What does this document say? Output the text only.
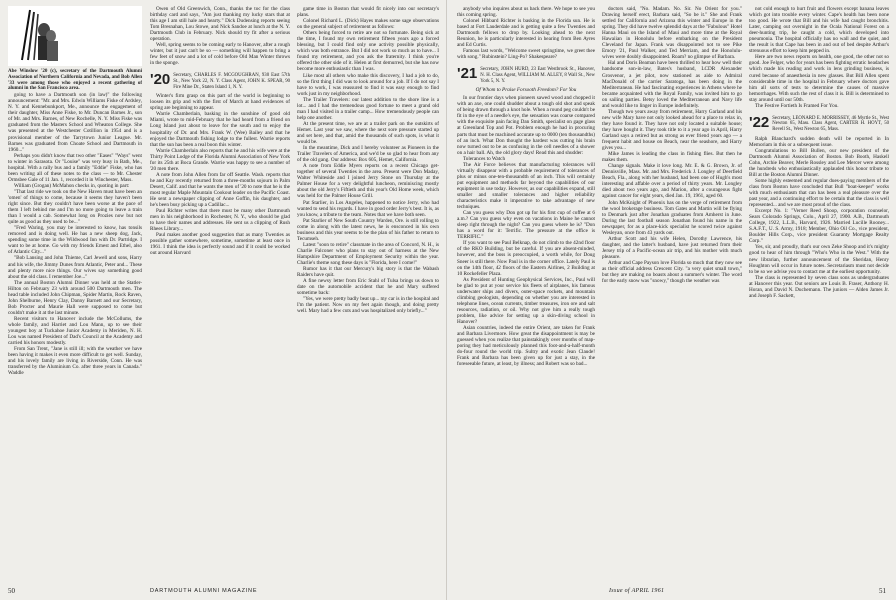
Abe Winslow '20 (c), secretary of the Dartmouth Alumni Association of Northern California and Nevada, and Bob Allen '33 were among those who enjoyed a recent gathering of alumni in the San Francisco area.

going to have a Dartmouth son (in law)" the following announcement: "Mr. and Mrs. Edwin Williams Fiske of Ardsley, N. Y. and Kennebunkport, Me., announce the engagement of their daughter, Miss Anne Fiske, to Mr. Duncan Barnes Jr., son of Mr. and Mrs. Barnes, of New Rochelle, N. Y. Miss Fiske was graduated from the Masters School and Wheaton College. She was presented at the Westchester Cotillion in 1954 and is a provisional member of the Tarrytown Junior League. Mr. Barnes was graduated from Choate School and Dartmouth in 1960..."

Perhaps you didn't know that two other "Eases" "Ways" went to winter in Sarasota. Or "Louise" was very busy in Bath, Me., hospital. With a rally bus and a family "Eddie" Fiske, who has been writing all of these notes to the class — to Mr. Chester Ormsbee Gale of 11 Jan. 1, recorded it in Winchester, Mass.

William (Grogan) McMahon checks in, quoting in part:

"That last ride we took on the New Haven must have been an 'omen' of things to come, because it seems they haven't been right since. But they couldn't have been worse at the pace of them I left behind me and I'm no more going to leave a train than I would a cab. Somewhat long on Prozies now but not quite as good as they used to be..."

"Fred Waring, you may be interested to know, has tonsils removed and is doing well. He has a new sheep dog, Jack, spending some time in the Wildwood Inn with Dr. Partridge. I want to be at home. Go with my friends Ernest and Ethel, also of Atlantic City..."

"Bob Lansing and John Thieme, Carl Jewell and sons, Harry and his wife, the Jimmy Dunes from Atlantic, Peter and... These and plenty more nice things. Our wives say something good about the old class. I remember Joe..."

The annual Boston Alumni Dinner was held at the Statler-Hilton on February 23 with around 500 Dartmouth men. The head table included John Chipman, Spider Martin, Rock Raven, John Shelburne, Henry Clay, Danny Barnett and our Secretary, Bob Procter and Maurie Hall were supposed to come but couldn't make it at the last minute.

Recent visitors to Hanover include the McCollums, the whole family, and Harriet and Lou Mann, up to see their youngest boy at Tuckahoe Junior Academy in Meriden, N. H. Lou was named President of Dad's Council at the Academy and carried his honors modestly.

From San Trent, "Jane is still ill; with the weather we have been having it makes it even more difficult to get well. Sunday, and his lovely family are living in Riverside, Conn. He was transferred by the Aluminium Co. after three years in Canada." Waddle

Owen of Old Greenwich, Conn., thanks the toc for the class birthday card and says, "Am just thanking my lucky stars that at this age I am still hale and hearty." Dick Dudensing reports seeing Tom Bresnahan, Lou Stowe, and Nick Sandoe at lunch at the N. Y. Dartmouth Club in February. Nick should try fit after a serious operation.

Well, spring seems to be coming early to Hanover, after a rough winter, but it just can't be so — something will happen to bring a few feet of snow and a lot of cold before Old Man Winter throws in the sponge.

'20 Secretary, CHARLES F. MCGOUGHRAN, 930 East 57th St., New York 22, N. Y. Class Agent, JOHN K. SPEAR, 90 Fire Mine Dr., Staten Island 1, N. Y.

Winter's firm grasp on this part of the world is beginning to loosen its grip and with the first of March at hand evidences of spring are beginning to appear.

Warrie Chamberlain, basking in the sunshine of good old Miami, wrote to mid-February that he had heard from a friend on Long Island just about to leave for the south and to enjoy the hospitality of Dr. and Mrs. Frank W. (Wee) Bailey and that he enjoyed the Dartmouth fishing lodge to the fullest. Warrie reports that the sun has been a real boon this winter.

Warrie Chamberlain also reports that he and his wife were at the Thirty Point Lodge of the Florida Alumni Association of New York for its 25th at Boca Grande. Warrie was happy to see a number of '20 men there.

A note from John Allen from far off Seattle. Wash. reports that he and Kay recently returned from a three-months sojourn in Palm Desert, Calif. and that he wants the men of '20 to note that he is the most regular Maple Mountain Cookout leader on the Pacific Coast. He sent a newspaper clipping of Anne Goffin, his daughter, and he's been busy picking up a Cadillac...

Paul Richter writes that there must be many other Dartmouth men in his neighborhood in Rochester, N. Y., who should be glad to have their names and addresses. He sent us a clipping of Rush Rhees Library...

Paul makes another good suggestion that as many Twenties as possible gather somewhere, sometime, sometime at least once in 1961. I think the idea is perfectly sound and if it could be worked out around Harvard

game time in Boston that would fit nicely into our secretary's plans.

Colonel Richard L. (Dick) Hayes makes some sage observations on the general subject of retirement as follows:

Others being forced to retire are not so fortunate. Being sick at the time, I found my own retirement fifteen years ago a forced blessing, but I could find only one activity possible physically, which was both entrance. But I did not work so much as to have... I found my retirement, and you ask the fraternity. I think you're offered the other side of it. Helen at first demurred, but she has now become more enthusiastic than I was.

Like most all others who make this discovery, I had a job to do, so the first thing I did was to look around for a job. If I do not say I have to work, I was reassured to find it was easy enough to find work just in my neighborhood.

The Trailer Travelers: our latest addition to the shore line is a lot... and I had the tremendous good fortune to meet a grand old man I had visited in a trailer camp... How tremendously people can help one another.

At the present time, we are at a trailer park on the outskirts of Hemet. Last year we saw, where the next sore pressure started up and set here, and that, amid the thousands of such spots, is what it would be.

In the meantime, Dick and I hereby volunteer as Pioneers in the Trailer Travelers of America, and we'd be so glad to hear from any of the old gang. Our address: Box 605, Hemet, California.

A note from Eddie Myers reports on a recent Chicago get-together of several Twenties in the area. Present were Don Maday, Walter Whiteside and I joined Jerry Stone on Thursday at the Palmer House for a very delightful luncheon, reminiscing mostly about the old Jerry's Fiftieth and this year's Old Home week, which was held for the Palmer House Grill.

Pat Starlier, in Los Angeles, happened to notice Jerry, who had wanted to send his regards. I have in good order Jerry's best. It is, as you know, a tribute to the team. Notes that we have both seen.

Pat Starlier of New South Country Warden, Ore. is still rolling to come in along with the latest news, he is ensconced in his own business and this year seems to be the plan of his father to return to Tecumseh.

Latest "soon to retire" classmate in the area of Concord, N. H., is Charlie Falconer who plans to stay out of harness at the New Hampshire Department of Employment Security within the year. Charlie's theme song these days is "Florida, here I come!"

Rumor has it that our Mercury's big story is that the Wabash Raiders have quit.

A fine newsy letter from Eric Stahl of Tulsa brings us down to date on the automobile accident that he and Mary suffered sometime back:

"Yes, we were pretty badly beat up... my car is in the hospital and I'm the patient. Now on my feet again though, and doing pretty well. Mary had a few cuts and was hospitalized only briefly..."

50	DARTMOUTH ALUMNI MAGAZINE

anybody who inquires about us back there. We hope to see you this coming spring.

Colonel Hibbard Richter is basking in the Florida sun. He is based at Fort Lauderdale and is getting quite a few Twenties and Dartmouth fellows to drop by. Looking ahead to the next Reunion, he is particularly interested in hearing from Ben Ayres and Ed Curtis.

Famous last words, "Welcome sweet springtime, we greet thee with song." Rubinstein? Ling-Po? Shakespeare?

'21 Secretary, JOHN HURD, 23 East Westbrook St., Hanover, N. H. Class Agent, WILLIAM M. ALLEY, 8 Wall St., New York 5, N. Y.

Of Whom to Praise Forsooth Freedom? For You

In our frontier days when pioneers sawed wood and chopped it with an axe, one could shudder about a tough old shot and speak of being drawn through a knot hole. When a round peg couldn't be fit in the eye of a needle's eye, the sensation was coarse compared with the exquisite pain facing Dan Smith, specialist on gage glass at Greenland Top and Pot. Problem enough he had in procuring parts that must be machined accurate up to 0000 (ten thousandths) of an inch. What Don thought the hardest was cutting his brain now turned out to be as confusing in the cell needles of a shower on a hair ball. Ah, the old glory days! Read this and shudder:

Tolerances to Watch

The Air Force believes that manufacturing tolerances will virtually disappear with a probable requirement of tolerances of plus or minus one-ten-thousandth of an inch. This will certainly put equipment and methods far beyond the capabilities of our equipment in use today. However, as our capabilities expand, still smaller and smaller tolerances and higher reliability characteristics make it imperative to take advantage of new techniques.

Can you guess why Don got up for his first cup of coffee at 6 a.m.? Can you guess why even on vacations in Maine he cannot sleep right through the night? Can you guess where he is? "Don has a word for it: Terrific. The pressure at the office is TERRIFIC."

If you want to see Paul Belknap, do not climb to the 42nd floor of the RKO Building, but be careful. If you are absent-minded, however, and the boss is preoccupied, a worth while, for Doug Sneer is still there. Now Paul is in the corner office. Lately Paul is on the 14th floor, 42 floors of the Eastern Airlines, 2 Building at 10 Rockefeller Plaza.

As President of Hunting Geophysical Services, Inc., Paul will be glad to put at your service his fleets of airplanes, his famous underwater ships and divers, outer-space rockets, and mountain climbing geologists, depending on whether you are interested in telephone lines, ocean currents, timber treasures, iron ore and salt resources, radiation, or oil. Why not give him a really tough problem, like advice for setting up a skin-diving school in Hanover?

Asian countries, indeed the entire Orient, are taken for Frank and Barbara Livermore. How great the disappointment is may be guessed when you realize that painstakingly over months of map-poring they had meticulously planned this foot-and-a-half-month do-four round the world trip. Sultry and exotic Jean Claude! Frank and Barbara has been given up for just a stay, in the foreseeable future, at least, by illness; and Robert was so bad...

doctors said, "No. Madam. No. Sir. No Orient for you." Drawing herself erect, Barbara said, "So be it." She and Frank settled for California and Arizona this winter and Europe in the spring. They did have twelve splendid days at the "Fabulous" Hotel Hanna Maui on the Island of Maui and more time at the Royal Hawaiian in Honolulu before embarking on the President Cleveland for Japan. Frank was disappointed not to see Pike Emory '21, Paul Walker, and Ted Merriam, and the Honolulu-wives were doubly disappointed. Roam? no glimpse of Barbara.

Hal and Doris Beaman have been thrilled to hear how well their handsome son-in-law, Bates's husband, LCDR Alexander Grosvenor, a jet pilot, now stationed as aide to Admiral MacDonald of the carrier Saratoga, has been doing in the Mediterranean. He had fascinating experiences in Athens where he became acquainted with the Royal Family, was invited him to go on sailing parties. Betsy loved the Mediterranean and Navy life and would like to linger in Europe indefinitely.

Though two years away from retirement, Harry Garland and his new wife Mary have not only looked ahead for a place to relax in, they have found it. They have not only located a suitable house; they have bought it. They took title to it a year ago in April, Harry Garland says a retired but as strong as ever friend years ago — a frequent habit and house on Beach, near the seashore, and Harry gives you...

Mike James is leading the class in fishing flies. But then he makes them.

Change signals. Make it love long. Mr. E. & G. Brown, Jr. of Dennisville, Mass. Mr. and Mrs. Frederick J. Longley of Deerfield Beach, Fla., along with her husband, had been one of Hugh's most interesting and affable over a period of thirty years. Mr. Longley died about two years ago, and Marion, after a courageous fight against cancer for eight years, died Jan. 19, 1961, aged 60.

John McKnight of Phoenix has on the verge of retirement from the wool brokerage business. Tom Gates and Martin will be flying to Denmark just after Jonathan graduates from Amherst in June. During the last football season Jonathan found his name in the newspaper, for as a place-kick specialist he scored twice against Wesleyan, once from 43 yards out.

Arthur Scott and his wife Helen, Dorothy Lawrence, his daughter, and the latter's husband, have just returned from their Jersey trip of a Pacific-ocean air trip, and his mother with much pleasure.

Arthur and Cape Payson love Florida so much that they now see as their official address Crescent City. "a very quiet small town," but they are making no boasts about a summer's winter. The word for the early snow was "snowy," though the weather was

not cold enough to hurt fruit and flowers except banana leaves which got into trouble every winter. Cape's health has been none too good. He wrote that Bill and his wife had caught bronchitis. Later, camping out overnight in the Ocala National Forest on a deer-hunting trip, he caught a cold, which developed into pneumonia. The hospital officially has no wall and the quiet, and the result is that Cape has been in and out of bed despite Arthur's strenuous effort to keep him pepped in.

Here are two news reports on health, one good, the other not so good. Joe Felger, who for years has been fighting erratic headaches which made his reading and work in lens grinding business, is cured because of anaesthesia in new glasses. But Bill Allen spent considerable time in the hospital in February where doctors gave him all sorts of tests to determine the causes of massive hemorrhages. With such the rest of class it is. Bill is determined to stay around until our 50th.

The Festive Fortieth Is Framed For You.

'22 Secretary, LEONARD E. MORRISSEY, 46 Myrtle St., West Newton 65, Mass. Class Agent, CARTER H. HOYT, 50 Revell St., West Newton 65, Mass.

Ralph Blanchard's sudden death will be reported in In Memoriam in this or a subsequent issue.

Congratulations to Bill Bullen, our new president of the Dartmouth Alumni Association of Boston. Bob Booth, Haskell Cohn, Archie Beaver, Merle Rossley and Lee Mercer were among the hundreds who enthusiastically applauded this honor tribute to Bill at the Boston Alumni Dinner.

Some highly esteemed and regular dues-paying members of the class from Boston have concluded that Bull "boat-keeper" works with much enthusiasm that can has been a real pleasure over the past year, and a continuing effort to be certain that the class is well represented... and we are most proud of the class.

Excerpt No. 1: "Verner Reed Shoop, corporation counselor, Sears Colorado Springs, Colo., April 27, 1900. A.B., Dartmouth College, 1922, L.L.B., Harvard, 1926. Married Lucille Rooney... S.A.F.T., U. S. Army, 1918; Member, Ohio Oil Co., vice president, Boulder Hills Corp., vice president Guaranty Mortgage Realty Corp."

Yes, sir, and proudly, that's our own Zeke Shoop and it's mighty good to hear of him through "Who's Who in the West." With the new librarian, further announcement of the Sheridan, Henry Houghton will occur in future notes. Secretariasm must not decide to be so we advise you to contact me at the earliest opportunity.

The class is represented by seven class sons as undergraduates at Hanover this year. Out seniors are Louis B. Fraser, Anthony H. Horan, and David N. Duchemann. The juniors — Alden James Jr. and Joseph F. Sackett,

Issue of APRIL 1961	51
